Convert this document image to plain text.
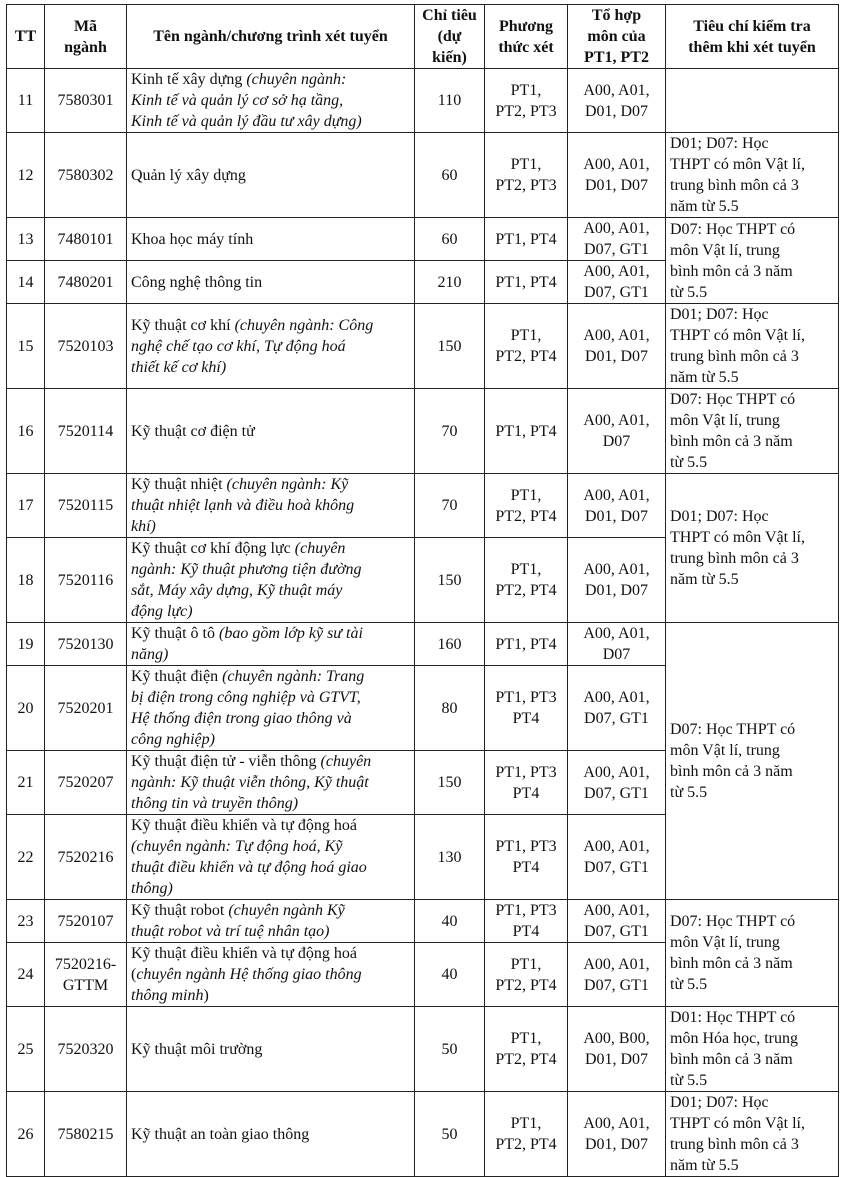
TT	Mã
ngành	Tên ngành/chương trình xét tuyển	Chỉ tiêu
(dự kiến)	Phương
thức xét	Tổ hợp
môn của
PT1, PT2	Tiêu chí kiểm tra
thêm khi xét tuyển
11	7580301	Kinh tế xây dựng (chuyên ngành:
Kinh tế và quản lý cơ sở hạ tầng,
Kinh tế và quản lý đầu tư xây dựng)	110	PT1,
PT2, PT3	A00, A01,
D01, D07	
12	7580302	Quản lý xây dựng	60	PT1,
PT2, PT3	A00, A01,
D01, D07	D01; D07: Học
THPT có môn Vật lí,
trung bình môn cả 3
năm từ 5.5
13	7480101	Khoa học máy tính	60	PT1, PT4	A00, A01,
D07, GT1	D07: Học THPT có
môn Vật lí, trung
bình môn cả 3 năm
từ 5.5
14	7480201	Công nghệ thông tin	210	PT1, PT4	A00, A01,
D07, GT1	
15	7520103	Kỹ thuật cơ khí (chuyên ngành: Công
nghệ chế tạo cơ khí, Tự động hoá
thiết kế cơ khí)	150	PT1,
PT2, PT4	A00, A01,
D01, D07	D01; D07: Học
THPT có môn Vật lí,
trung bình môn cả 3
năm từ 5.5
16	7520114	Kỹ thuật cơ điện tử	70	PT1, PT4	A00, A01,
D07	D07: Học THPT có
môn Vật lí, trung
bình môn cả 3 năm
từ 5.5
17	7520115	Kỹ thuật nhiệt (chuyên ngành: Kỹ
thuật nhiệt lạnh và điều hoà không
khí)	70	PT1,
PT2, PT4	A00, A01,
D01, D07	D01; D07: Học
THPT có môn Vật lí,
trung bình môn cả 3
năm từ 5.5
18	7520116	Kỹ thuật cơ khí động lực (chuyên
ngành: Kỹ thuật phương tiện đường
sắt, Máy xây dựng, Kỹ thuật máy
động lực)	150	PT1,
PT2, PT4	A00, A01,
D01, D07	
19	7520130	Kỹ thuật ô tô (bao gồm lớp kỹ sư tài
năng)	160	PT1, PT4	A00, A01,
D07	D07: Học THPT có
môn Vật lí, trung
bình môn cả 3 năm
từ 5.5
20	7520201	Kỹ thuật điện (chuyên ngành: Trang
bị điện trong công nghiệp và GTVT,
Hệ thống điện trong giao thông và
công nghiệp)	80	PT1, PT3
PT4	A00, A01,
D07, GT1	
21	7520207	Kỹ thuật điện tử - viễn thông (chuyên
ngành: Kỹ thuật viễn thông, Kỹ thuật
thông tin và truyền thông)	150	PT1, PT3
PT4	A00, A01,
D07, GT1	
22	7520216	Kỹ thuật điều khiển và tự động hoá
(chuyên ngành: Tự động hoá, Kỹ
thuật điều khiển và tự động hoá giao
thông)	130	PT1, PT3
PT4	A00, A01,
D07, GT1	
23	7520107	Kỹ thuật robot (chuyên ngành Kỹ
thuật robot và trí tuệ nhân tạo)	40	PT1, PT3
PT4	A00, A01,
D07, GT1	D07: Học THPT có
môn Vật lí, trung
bình môn cả 3 năm
từ 5.5
24	7520216-
GTTM	Kỹ thuật điều khiển và tự động hoá
(chuyên ngành Hệ thống giao thông
thông minh)	40	PT1,
PT2, PT4	A00, A01,
D07, GT1	
25	7520320	Kỹ thuật môi trường	50	PT1,
PT2, PT4	A00, B00,
D01, D07	D01: Học THPT có
môn Hóa học, trung
bình môn cả 3 năm
từ 5.5
26	7580215	Kỹ thuật an toàn giao thông	50	PT1,
PT2, PT4	A00, A01,
D01, D07	D01; D07: Học
THPT có môn Vật lí,
trung bình môn cả 3
năm từ 5.5
